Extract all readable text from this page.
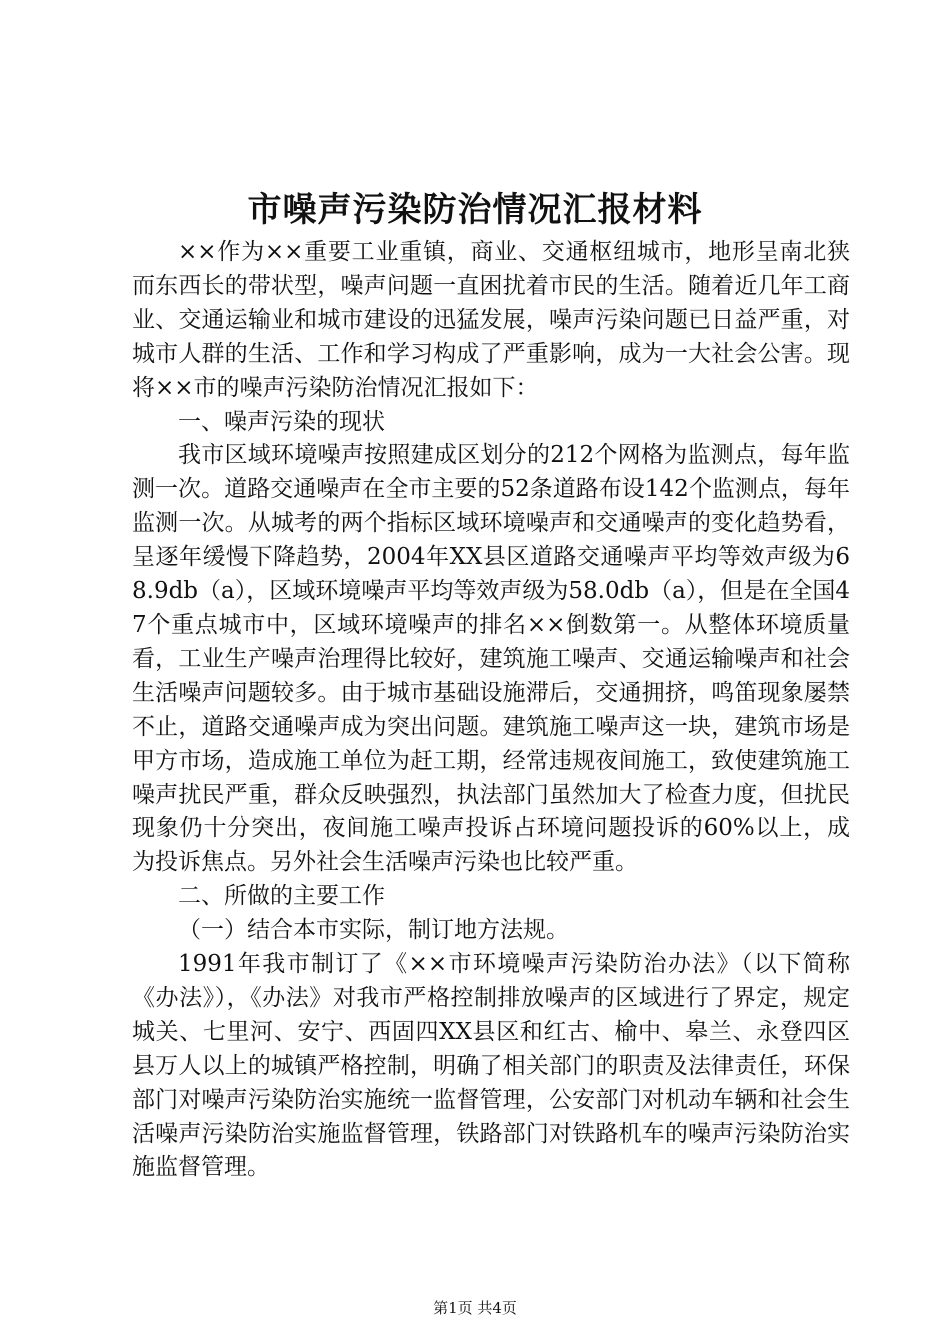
市噪声污染防治情况汇报材料

××作为××重要工业重镇，商业、交通枢纽城市，地形呈南北狭而东西长的带状型，噪声问题一直困扰着市民的生活。随着近几年工商业、交通运输业和城市建设的迅猛发展，噪声污染问题已日益严重，对城市人群的生活、工作和学习构成了严重影响，成为一大社会公害。现将××市的噪声污染防治情况汇报如下：

一、噪声污染的现状

我市区域环境噪声按照建成区划分的212个网格为监测点，每年监测一次。道路交通噪声在全市主要的52条道路布设142个监测点，每年监测一次。从城考的两个指标区域环境噪声和交通噪声的变化趋势看，呈逐年缓慢下降趋势，2004年XX县区道路交通噪声平均等效声级为68.9db（a），区域环境噪声平均等效声级为58.0db（a），但是在全国47个重点城市中，区域环境噪声的排名××倒数第一。从整体环境质量看，工业生产噪声治理得比较好，建筑施工噪声、交通运输噪声和社会生活噪声问题较多。由于城市基础设施滞后，交通拥挤，鸣笛现象屡禁不止，道路交通噪声成为突出问题。建筑施工噪声这一块，建筑市场是甲方市场，造成施工单位为赶工期，经常违规夜间施工，致使建筑施工噪声扰民严重，群众反映强烈，执法部门虽然加大了检查力度，但扰民现象仍十分突出，夜间施工噪声投诉占环境问题投诉的60%以上，成为投诉焦点。另外社会生活噪声污染也比较严重。

二、所做的主要工作

（一）结合本市实际，制订地方法规。

1991年我市制订了《××市环境噪声污染防治办法》（以下简称《办法》），《办法》对我市严格控制排放噪声的区域进行了界定，规定城关、七里河、安宁、西固四XX县区和红古、榆中、皋兰、永登四区县万人以上的城镇严格控制，明确了相关部门的职责及法律责任，环保部门对噪声污染防治实施统一监督管理，公安部门对机动车辆和社会生活噪声污染防治实施监督管理，铁路部门对铁路机车的噪声污染防治实施监督管理。

第1页 共4页
